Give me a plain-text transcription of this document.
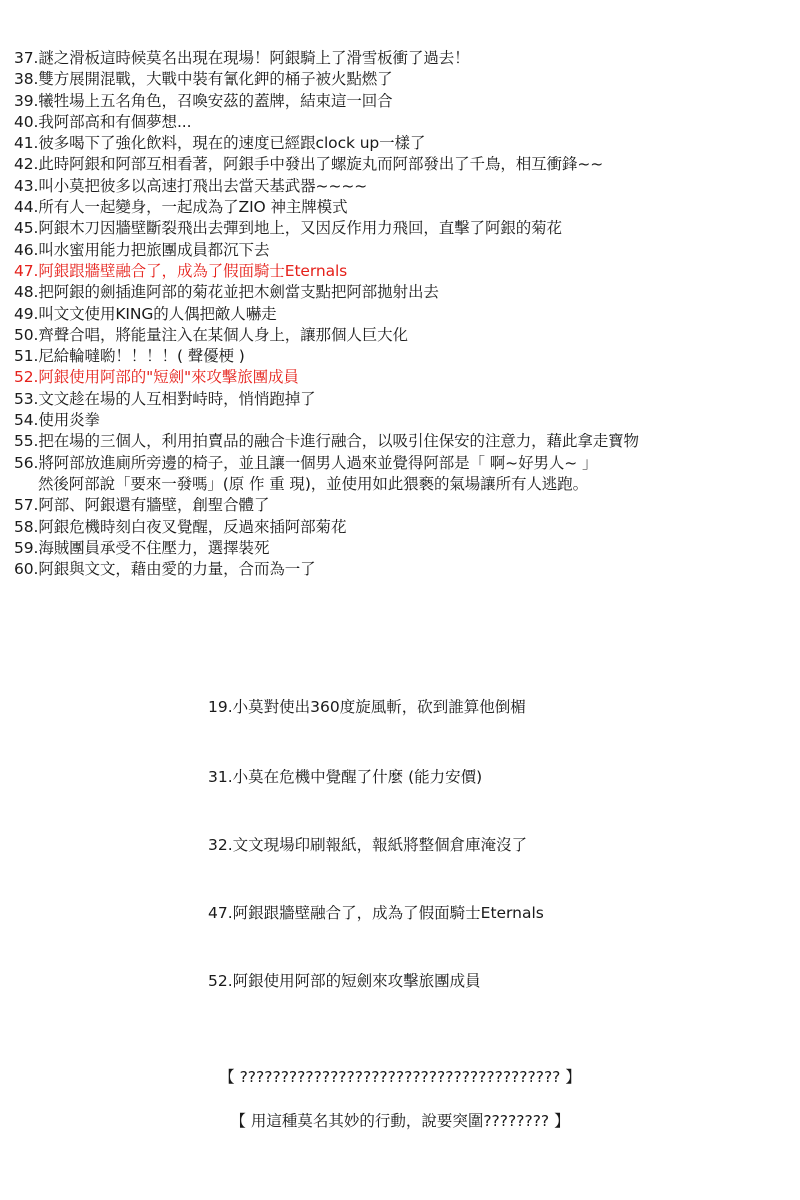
37.謎之滑板這時候莫名出現在現場！阿銀騎上了滑雪板衝了過去！
38.雙方展開混戰，大戰中裝有氰化鉀的桶子被火點燃了
39.犧牲場上五名角色，召喚安茲的蓋牌，結束這一回合
40.我阿部高和有個夢想...
41.彼多喝下了強化飲料，現在的速度已經跟clock up一樣了
42.此時阿銀和阿部互相看著，阿銀手中發出了螺旋丸而阿部發出了千鳥，相互衝鋒~~
43.叫小莫把彼多以高速打飛出去當天基武器~~~~
44.所有人一起變身，一起成為了ZIO 神主牌模式
45.阿銀木刀因牆壁斷裂飛出去彈到地上，又因反作用力飛回，直擊了阿銀的菊花
46.叫水蜜用能力把旅團成員都沉下去
47.阿銀跟牆壁融合了，成為了假面騎士Eternals
48.把阿銀的劍插進阿部的菊花並把木劍當支點把阿部拋射出去
49.叫文文使用KING的人偶把敵人嚇走
50.齊聲合唱，將能量注入在某個人身上，讓那個人巨大化
51.尼給輪噠喲！！！！( 聲優梗 )
52.阿銀使用阿部的"短劍"來攻擊旅團成員
53.文文趁在場的人互相對峙時，悄悄跑掉了
54.使用炎拳
55.把在場的三個人，利用拍賣品的融合卡進行融合，以吸引住保安的注意力，藉此拿走寶物
56.將阿部放進廁所旁邊的椅子，並且讓一個男人過來並覺得阿部是「 啊~好男人~ 」
然後阿部說「要來一發嗎」(原 作 重 現)，並使用如此猥褻的氣場讓所有人逃跑。
57.阿部、阿銀還有牆壁，創聖合體了
58.阿銀危機時刻白夜叉覺醒，反過來插阿部菊花
59.海賊團員承受不住壓力，選擇裝死
60.阿銀與文文，藉由愛的力量，合而為一了
19.小莫對使出360度旋風斬，砍到誰算他倒楣
31.小莫在危機中覺醒了什麼 (能力安價)
32.文文現場印刷報紙，報紙將整個倉庫淹沒了
47.阿銀跟牆壁融合了，成為了假面騎士Eternals
52.阿銀使用阿部的短劍來攻擊旅團成員
【 ??????????????????????????????????????? 】
【 用這種莫名其妙的行動，說要突圍???????? 】
